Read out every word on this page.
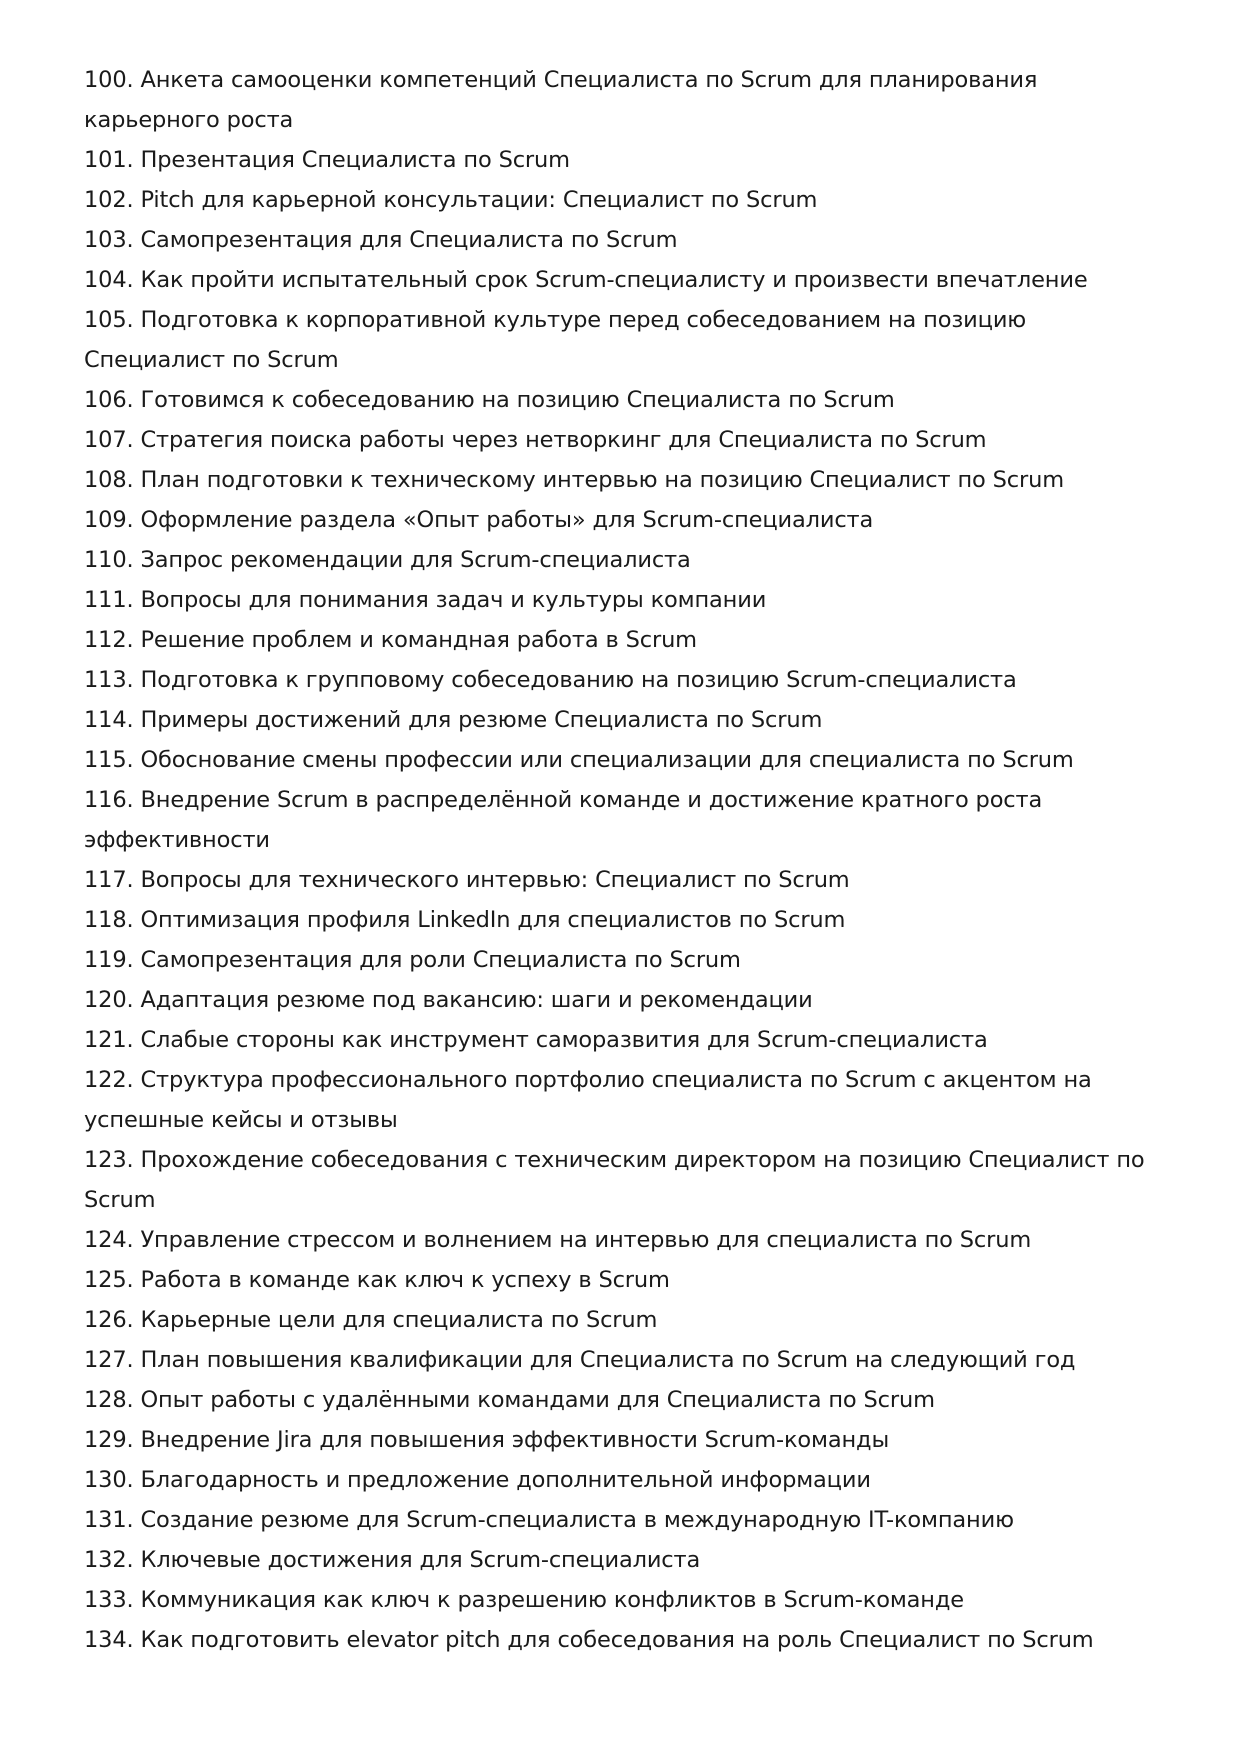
100. Анкета самооценки компетенций Специалиста по Scrum для планирования карьерного роста
101. Презентация Специалиста по Scrum
102. Pitch для карьерной консультации: Специалист по Scrum
103. Самопрезентация для Специалиста по Scrum
104. Как пройти испытательный срок Scrum-специалисту и произвести впечатление
105. Подготовка к корпоративной культуре перед собеседованием на позицию Специалист по Scrum
106. Готовимся к собеседованию на позицию Специалиста по Scrum
107. Стратегия поиска работы через нетворкинг для Специалиста по Scrum
108. План подготовки к техническому интервью на позицию Специалист по Scrum
109. Оформление раздела «Опыт работы» для Scrum-специалиста
110. Запрос рекомендации для Scrum-специалиста
111. Вопросы для понимания задач и культуры компании
112. Решение проблем и командная работа в Scrum
113. Подготовка к групповому собеседованию на позицию Scrum-специалиста
114. Примеры достижений для резюме Специалиста по Scrum
115. Обоснование смены профессии или специализации для специалиста по Scrum
116. Внедрение Scrum в распределённой команде и достижение кратного роста эффективности
117. Вопросы для технического интервью: Специалист по Scrum
118. Оптимизация профиля LinkedIn для специалистов по Scrum
119. Самопрезентация для роли Специалиста по Scrum
120. Адаптация резюме под вакансию: шаги и рекомендации
121. Слабые стороны как инструмент саморазвития для Scrum-специалиста
122. Структура профессионального портфолио специалиста по Scrum с акцентом на успешные кейсы и отзывы
123. Прохождение собеседования с техническим директором на позицию Специалист по Scrum
124. Управление стрессом и волнением на интервью для специалиста по Scrum
125. Работа в команде как ключ к успеху в Scrum
126. Карьерные цели для специалиста по Scrum
127. План повышения квалификации для Специалиста по Scrum на следующий год
128. Опыт работы с удалёнными командами для Специалиста по Scrum
129. Внедрение Jira для повышения эффективности Scrum-команды
130. Благодарность и предложение дополнительной информации
131. Создание резюме для Scrum-специалиста в международную IT-компанию
132. Ключевые достижения для Scrum-специалиста
133. Коммуникация как ключ к разрешению конфликтов в Scrum-команде
134. Как подготовить elevator pitch для собеседования на роль Специалист по Scrum
